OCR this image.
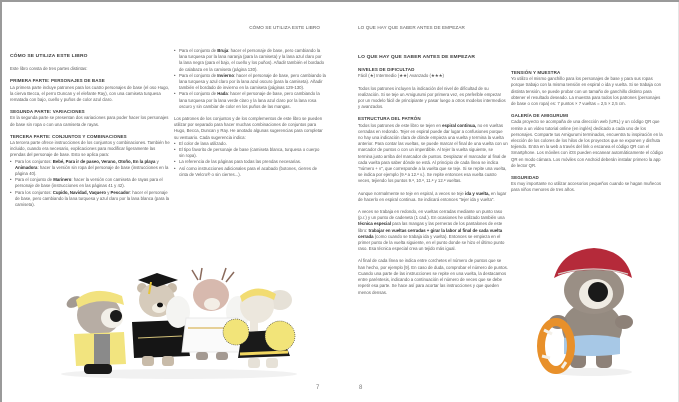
CÓMO SE UTILIZA ESTE LIBRO
CÓMO SE UTILIZA ESTE LIBRO
Este libro consta de tres partes distintas:
PRIMERA PARTE: PERSONAJES DE BASE
La primera parte incluye patrones para los cuatro personajes de base (el oso Hugo, la cierva Becca, el perro Duncan y el elefante Ray), con una camiseta turquesa rematada con bajo, cuello y puños de color azul claro.
SEGUNDA PARTE: VARIACIONES
En la segunda parte se presentan dos variaciones para poder hacer los personajes de base sin ropa o con una camiseta de rayas.
TERCERA PARTE: CONJUNTOS Y COMBINACIONES
La tercera parte ofrece instrucciones de los conjuntos y combinaciones. También he incluido, cuando era necesario, explicaciones para modificar ligeramente las prendas del personaje de base. Esto se aplica para:
• Para los conjuntos: Bebé, Para ir de paseo, Verano, Otoño, En la playa y Animadora: hacer la versión sin ropa del personaje de base (instrucciones en la página 40).
• Para el conjunto de Marinero: hacer la versión con camiseta de rayas para el personaje de base (instrucciones en las páginas 41 y 42).
• Para los conjuntos: Cupido, Navidad, Vaquero y Pescador: hacer el personaje de base, pero cambiando la lana turquesa y azul claro por la lana blanca (para la camiseta).
• Para el conjunto de Bruja: hacer el personaje de base, pero cambiando la lana turquesa por la lana naranja (para la camiseta) y la lana azul claro por la lana negra (para el bajo, el cuello y los puños). Añadir también el bordado de calabaza en la camiseta (página 130).
• Para el conjunto de Invierno: hacer el personaje de base, pero cambiando la lana turquesa y azul claro por la lana azul oscuro (para la camiseta). Añadir también el bordado de invierno en la camiseta (páginas 129-130).
• Para el conjunto de Hada: hacer el personaje de base, pero cambiando la lana turquesa por la lana verde claro y la lana azul claro por la lana rosa oscuro y sin cambiar de color en los puños de las mangas.
Los patrones de los conjuntos y de los complementos de este libro se pueden utilizar por separado para hacer muchas combinaciones de conjuntos para Hugo, Becca, Duncan y Ray. He anotado algunas sugerencias para completar su vestuario. Cada sugerencia indica:
• El color de lana utilizado.
• El tipo favorito de personaje de base (camiseta blanca, turquesa o cuerpo sin ropa).
• La referencia de las páginas para todas las prendas necesarias.
• Así como instrucciones adicionales para el acabado (botones, cierres de cinta de Velcro® o sin cierres...).
7
LO QUE HAY QUE SABER ANTES DE EMPEZAR
LO QUE HAY QUE SABER ANTES DE EMPEZAR
NIVELES DE DIFICULTAD
Fácil (★) Intermedio (★★) Avanzado (★★★)
Todos los patrones incluyen la indicación del nivel de dificultad de su realización. Si se teje un Amigurumi por primera vez, es preferible empezar por un modelo fácil de principiante y pasar luego a otros modelos intermedios y avanzados.
ESTRUCTURA DEL PATRÓN
Todos los patrones de este libro se tejen en espiral continua, no en vueltas cerradas en redondo. Tejer en espiral puede dar lugar a confusiones porque no hay una indicación clara de dónde empieza una vuelta y termina la vuelta anterior. Para contar las vueltas, se puede marcar el final de una vuelta con un marcador de puntos o con un imperdible. Al tejer la vuelta siguiente, se termina justo arriba del marcador de puntos. Desplazar el marcador al final de cada vuelta para saber dónde se está. Al principio de cada línea se indica "número + v", que corresponde a la vuelta que se teje. Si se repite una vuelta, se indica por ejemplo (9.ª a 12.ª v.). Se repite entonces esa vuelta cuatro veces, tejiendo los puntos 9.ª, 10.ª, 11.ª y 12.ª vueltas.
Aunque normalmente se teje en espiral, a veces se teje ida y vuelta, en lugar de hacerlo en espiral continua. Se indicará entonces "tejer ida y vuelta".
A veces se trabaja en redondo, en vueltas cerradas mediante un punto raso (p.r.) y un punto de cadeneta (1 cad.). En ocasiones he utilizado también una técnica especial para las mangas y las perneras de los pantalones de este libro: trabajar en vueltas cerradas + girar la labor al final de cada vuelta cerrada (como cuando se trabaja ida y vuelta). Entonces se empieza en el primer punto de la vuelta siguiente, en el punto donde se hizo el último punto raso. Esa técnica especial crea un tejido más igual.
Al final de cada línea se indica entre corchetes el número de puntos que se han hecho, por ejemplo [9]. En caso de duda, comprobar el número de puntos.
Cuando una parte de las instrucciones se repite en una vuelta, la destacamos entre paréntesis, indicando a continuación el número de veces que se debe repetir esa parte. Se hace así para acortar las instrucciones y que queden menos densas.
TENSIÓN Y MUESTRA
Yo utilizo el mismo ganchillo para los personajes de base y para sus ropas porque trabajo con la misma tensión en espiral o ida y vuelta. Si se trabaja con distinta tensión, se puede probar con un tamaño de ganchillo distinto para obtener el resultado deseado. La muestra para todos los patrones (personajes de base o con ropa) es: 7 puntos × 7 vueltas = 2,5 × 2,5 cm.
GALERÍA DE AMIGURUMI
Cada proyecto se acompaña de una dirección web (URL) y un código QR que remite a un vídeo tutorial online (en inglés) dedicado a cada uno de los personajes. Comparte tus Amigurumi terminados, encuentra tu inspiración en la elección de los colores de los hilos de los proyectos que se exponen y disfruta tejiendo. Entra en la web a través del link o escanea el código QR con el Smartphone. Los móviles con iOS pueden escanear automáticamente el código QR en modo cámara. Los móviles con Android deberán instalar primero la app de lector QR.
SEGURIDAD
Es muy importante no utilizar accesorios pequeños cuando se hagan muñecos para niños menores de tres años.
8
